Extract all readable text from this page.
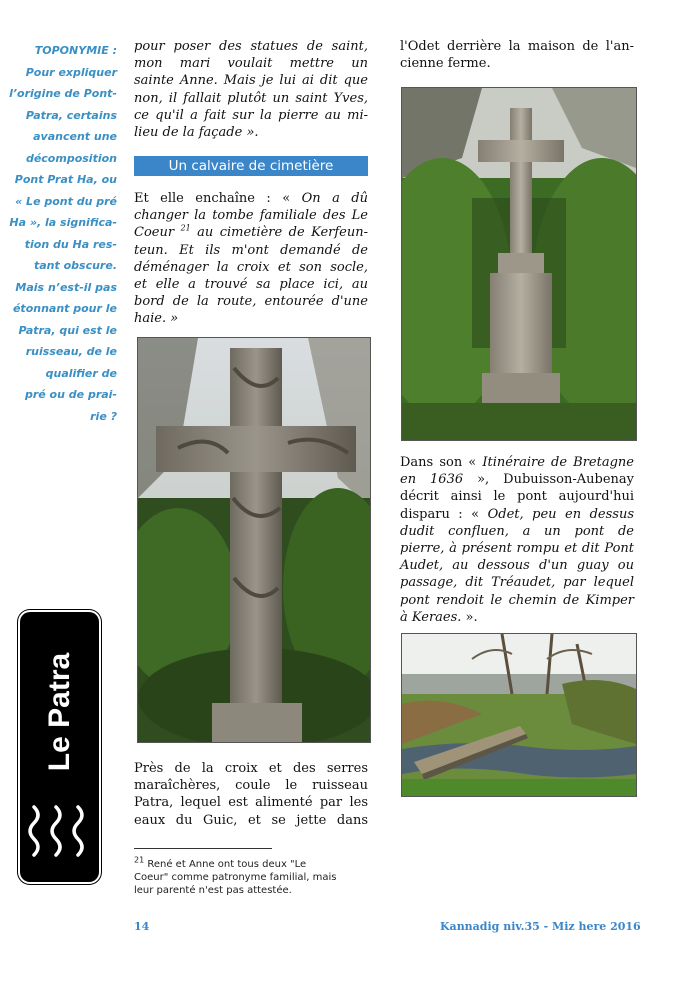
TOPONYMIE :
Pour expliquer
l’origine de Pont-
Patra, certains
avancent une
décomposition
Pont Prat Ha, ou
« Le pont du pré
Ha », la significa-
tion du Ha res-
tant obscure.
Mais n’est-il pas
étonnant pour le
Patra, qui est le
ruisseau, de le
qualifier de
pré ou de prai-
rie ?
pour poser des statues de saint,
mon mari voulait mettre un
sainte Anne. Mais je lui ai dit que
non, il fallait plutôt un saint Yves,
ce qu'il a fait sur la pierre au mi-
lieu de la façade ».
Un calvaire de cimetière
Et elle enchaîne : « On a dû
changer la tombe familiale des Le
Coeur $^{21}$ au cimetière de Kerfeun-
teun. Et ils m'ont demandé de
déménager la croix et son socle,
et elle a trouvé sa place ici, au
bord de la route, entourée d'une
haie. »
Près de la croix et des serres
maraîchères, coule le ruisseau
Patra, lequel est alimenté par les
eaux du Guic, et se jette dans
$^{21}$ René et Anne ont tous deux "Le
Coeur" comme patronyme familial, mais
leur parenté n'est pas attestée.
l'Odet derrière la maison de l'an-
cienne ferme.
Dans son « Itinéraire de Bretagne
en 1636 », Dubuisson-Aubenay
décrit ainsi le pont aujourd'hui
disparu : « Odet, peu en dessus
dudit confluen, a un pont de
pierre, à présent rompu et dit Pont
Audet, au dessous d'un guay ou
passage, dit Tréaudet, par lequel
pont rendoit le chemin de Kimper
à Keraes. ».
Le Patra
14	Kannadig niv.35 - Miz here 2016
